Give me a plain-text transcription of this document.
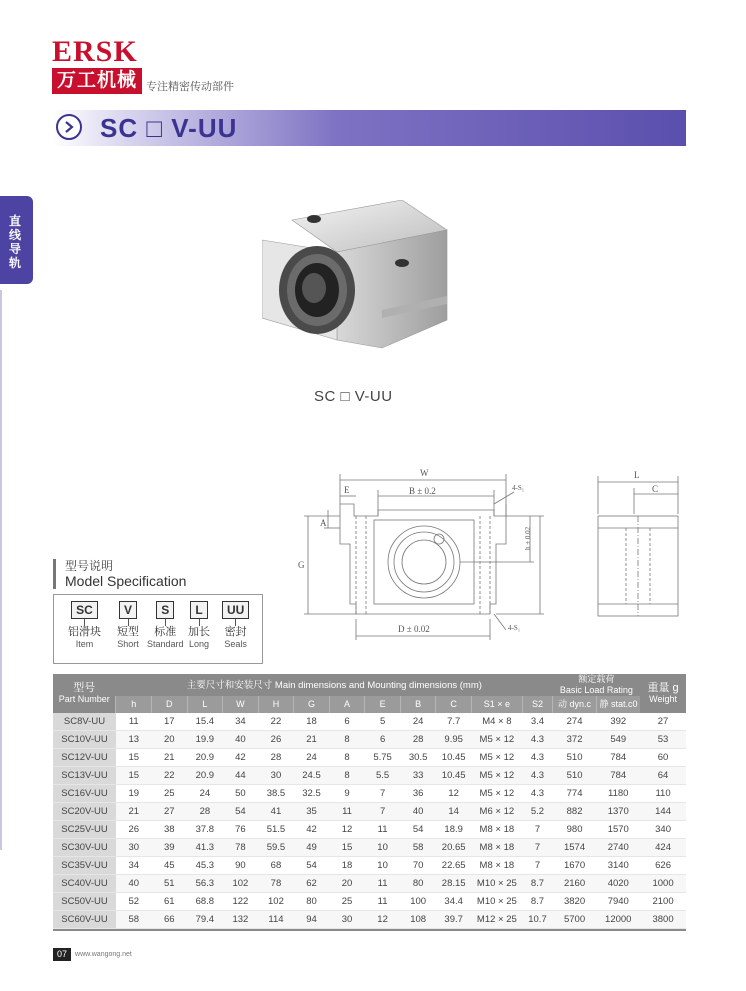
ERSK
万工机械 专注精密传动部件
SC □ V-UU
直线导轨
SC □ V-UU
W
E	B ± 0.2	4-S₁
G
A
h ± 0.02
D ± 0.02	4-S₁
L
C
型号说明
Model Specification
SC
铝滑块
Item
V
短型
Short
S
标准
Standard
L
加长
Long
UU
密封
Seals
型号
Part Number	主要尺寸和安装尺寸 Main dimensions and Mounting dimensions (mm)												额定载荷
Basic Load Rating		重量 g
Weight

	h	D	L	W	H	G	A	E	B	C	S1 × e	S2	动 dyn.c	静 stat.c0	
SC8V-UU	11	17	15.4	34	22	18	6	5	24	7.7	M4 × 8	3.4	274	392	27
SC10V-UU	13	20	19.9	40	26	21	8	6	28	9.95	M5 × 12	4.3	372	549	53
SC12V-UU	15	21	20.9	42	28	24	8	5.75	30.5	10.45	M5 × 12	4.3	510	784	60
SC13V-UU	15	22	20.9	44	30	24.5	8	5.5	33	10.45	M5 × 12	4.3	510	784	64
SC16V-UU	19	25	24	50	38.5	32.5	9	7	36	12	M5 × 12	4.3	774	1180	110
SC20V-UU	21	27	28	54	41	35	11	7	40	14	M6 × 12	5.2	882	1370	144
SC25V-UU	26	38	37.8	76	51.5	42	12	11	54	18.9	M8 × 18	7	980	1570	340
SC30V-UU	30	39	41.3	78	59.5	49	15	10	58	20.65	M8 × 18	7	1574	2740	424
SC35V-UU	34	45	45.3	90	68	54	18	10	70	22.65	M8 × 18	7	1670	3140	626
SC40V-UU	40	51	56.3	102	78	62	20	11	80	28.15	M10 × 25	8.7	2160	4020	1000
SC50V-UU	52	61	68.8	122	102	80	25	11	100	34.4	M10 × 25	8.7	3820	7940	2100
SC60V-UU	58	66	79.4	132	114	94	30	12	108	39.7	M12 × 25	10.7	5700	12000	3800
07	www.wangong.net
